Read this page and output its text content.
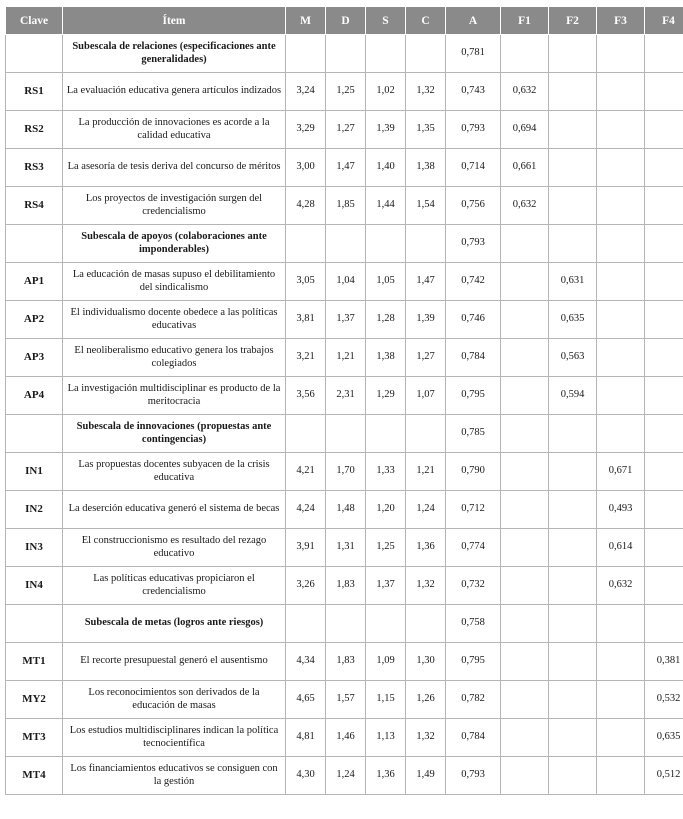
Clave	Ítem	M	D	S	C	A	F1	F2	F3	F4
	Subescala de relaciones (especificaciones ante generalidades)					0,781				
RS1	La evaluación educativa genera artículos indizados	3,24	1,25	1,02	1,32	0,743	0,632			
RS2	La producción de innovaciones es acorde a la calidad educativa	3,29	1,27	1,39	1,35	0,793	0,694			
RS3	La asesoría de tesis deriva del concurso de méritos	3,00	1,47	1,40	1,38	0,714	0,661			
RS4	Los proyectos de investigación surgen del credencialismo	4,28	1,85	1,44	1,54	0,756	0,632			
	Subescala de apoyos (colaboraciones ante imponderables)					0,793				
AP1	La educación de masas supuso el debilitamiento del sindicalismo	3,05	1,04	1,05	1,47	0,742		0,631		
AP2	El individualismo docente obedece a las políticas educativas	3,81	1,37	1,28	1,39	0,746		0,635		
AP3	El neoliberalismo educativo genera los trabajos colegiados	3,21	1,21	1,38	1,27	0,784		0,563		
AP4	La investigación multidisciplinar es producto de la meritocracia	3,56	2,31	1,29	1,07	0,795		0,594		
	Subescala de innovaciones (propuestas ante contingencias)					0,785				
IN1	Las propuestas docentes subyacen de la crisis educativa	4,21	1,70	1,33	1,21	0,790			0,671	
IN2	La deserción educativa generó el sistema de becas	4,24	1,48	1,20	1,24	0,712			0,493	
IN3	El construccionismo es resultado del rezago educativo	3,91	1,31	1,25	1,36	0,774			0,614	
IN4	Las políticas educativas propiciaron el credencialismo	3,26	1,83	1,37	1,32	0,732			0,632	
	Subescala de metas (logros ante riesgos)					0,758				
MT1	El recorte presupuestal generó el ausentismo	4,34	1,83	1,09	1,30	0,795				0,381
MY2	Los reconocimientos son derivados de la educación de masas	4,65	1,57	1,15	1,26	0,782				0,532
MT3	Los estudios multidisciplinares indican la política tecnocientífica	4,81	1,46	1,13	1,32	0,784				0,635
MT4	Los financiamientos educativos se consiguen con la gestión	4,30	1,24	1,36	1,49	0,793				0,512
